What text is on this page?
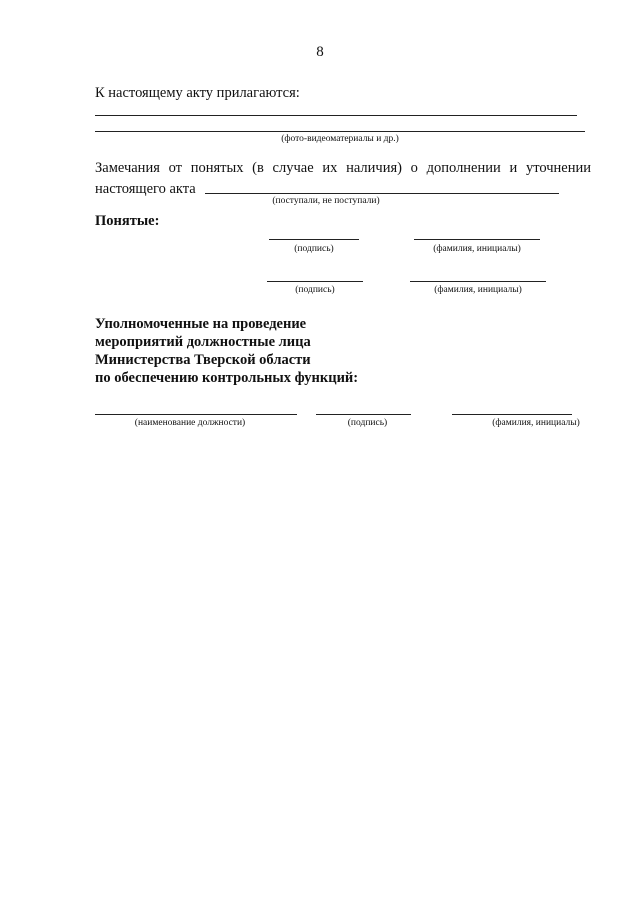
8
К настоящему акту прилагаются:
(фото-видеоматериалы и др.)
Замечания от понятых (в случае их наличия) о дополнении и уточнении
настоящего акта
(поступали, не поступали)
Понятые:
(подпись)	(фамилия, инициалы)
(подпись)	(фамилия, инициалы)
Уполномоченные на проведение
мероприятий должностные лица
Министерства Тверской области
по обеспечению контрольных функций:
(наименование должности)	(подпись)	(фамилия, инициалы)
